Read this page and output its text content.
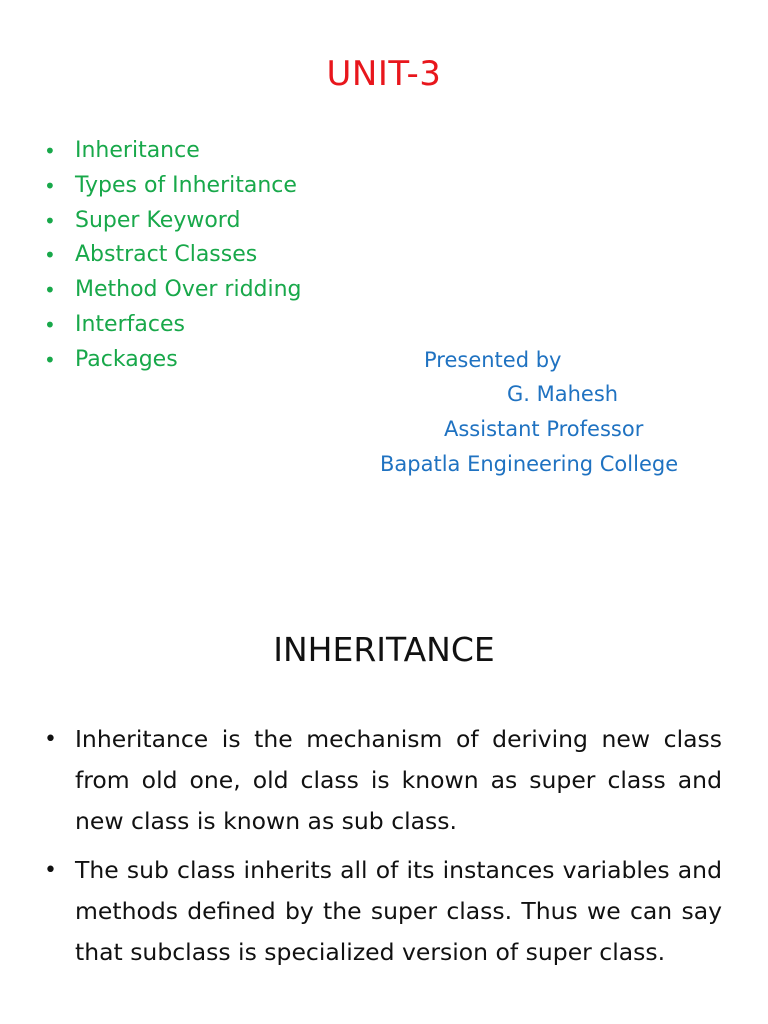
UNIT-3
• Inheritance
• Types of Inheritance
• Super Keyword
• Abstract Classes
• Method Over ridding
• Interfaces
• Packages	Presented by
G. Mahesh
Assistant Professor
Bapatla Engineering College
INHERITANCE
• Inheritance is the mechanism of deriving new class from old one, old class is known as super class and new class is known as sub class.
• The sub class inherits all of its instances variables and methods defined by the super class. Thus we can say that subclass is specialized version of super class.
